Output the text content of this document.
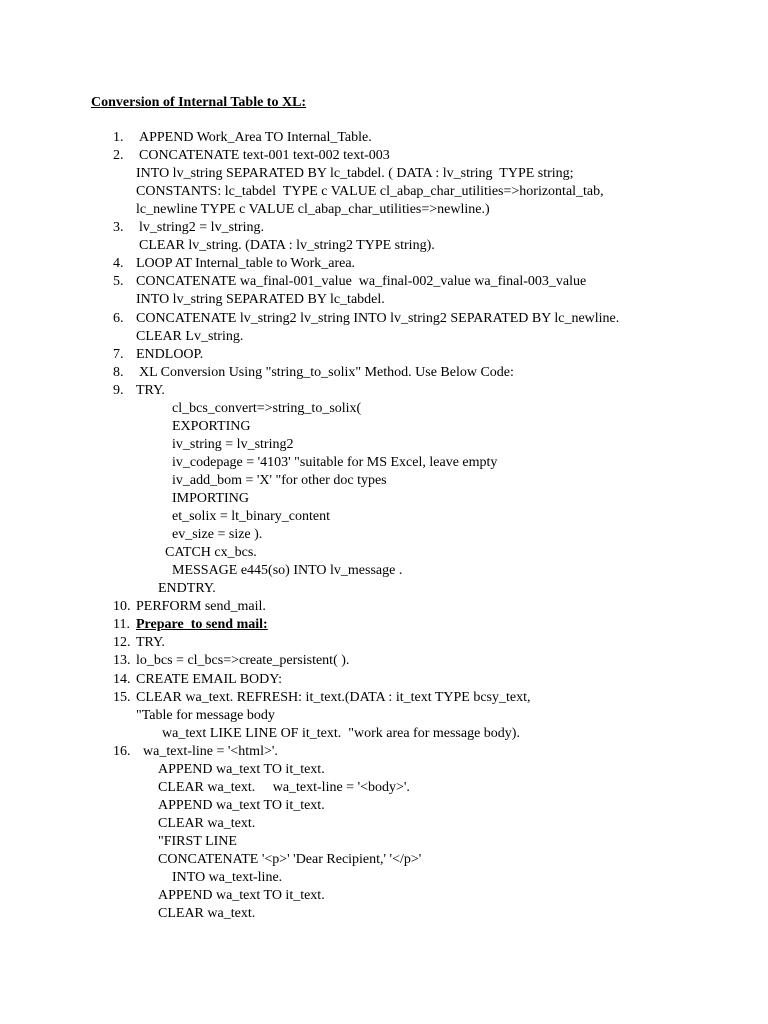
Conversion of Internal Table to XL:
1. APPEND Work_Area TO Internal_Table.
2. CONCATENATE text-001 text-002 text-003
INTO lv_string SEPARATED BY lc_tabdel. ( DATA : lv_string  TYPE string;
CONSTANTS: lc_tabdel  TYPE c VALUE cl_abap_char_utilities=>horizontal_tab,
lc_newline TYPE c VALUE cl_abap_char_utilities=>newline.)
3. lv_string2 = lv_string.
CLEAR lv_string. (DATA : lv_string2 TYPE string).
4. LOOP AT Internal_table to Work_area.
5. CONCATENATE wa_final-001_value  wa_final-002_value wa_final-003_value
INTO lv_string SEPARATED BY lc_tabdel.
6. CONCATENATE lv_string2 lv_string INTO lv_string2 SEPARATED BY lc_newline.
CLEAR Lv_string.
7. ENDLOOP.
8. XL Conversion Using "string_to_solix" Method. Use Below Code:
9. TRY.
cl_bcs_convert=>string_to_solix(
EXPORTING
iv_string = lv_string2
iv_codepage = '4103' "suitable for MS Excel, leave empty
iv_add_bom = 'X' "for other doc types
IMPORTING
et_solix = lt_binary_content
ev_size = size ).
CATCH cx_bcs.
MESSAGE e445(so) INTO lv_message .
ENDTRY.
10. PERFORM send_mail.
11. Prepare  to send mail:
12. TRY.
13. lo_bcs = cl_bcs=>create_persistent( ).
14. CREATE EMAIL BODY:
15. CLEAR wa_text. REFRESH: it_text.(DATA : it_text TYPE bcsy_text,
"Table for message body
wa_text LIKE LINE OF it_text.  "work area for message body).
16. wa_text-line = '<html>'.
APPEND wa_text TO it_text.
CLEAR wa_text.     wa_text-line = '<body>'.
APPEND wa_text TO it_text.
CLEAR wa_text.
"FIRST LINE
CONCATENATE '<p>' 'Dear Recipient,' '</p>'
INTO wa_text-line.
APPEND wa_text TO it_text.
CLEAR wa_text.
